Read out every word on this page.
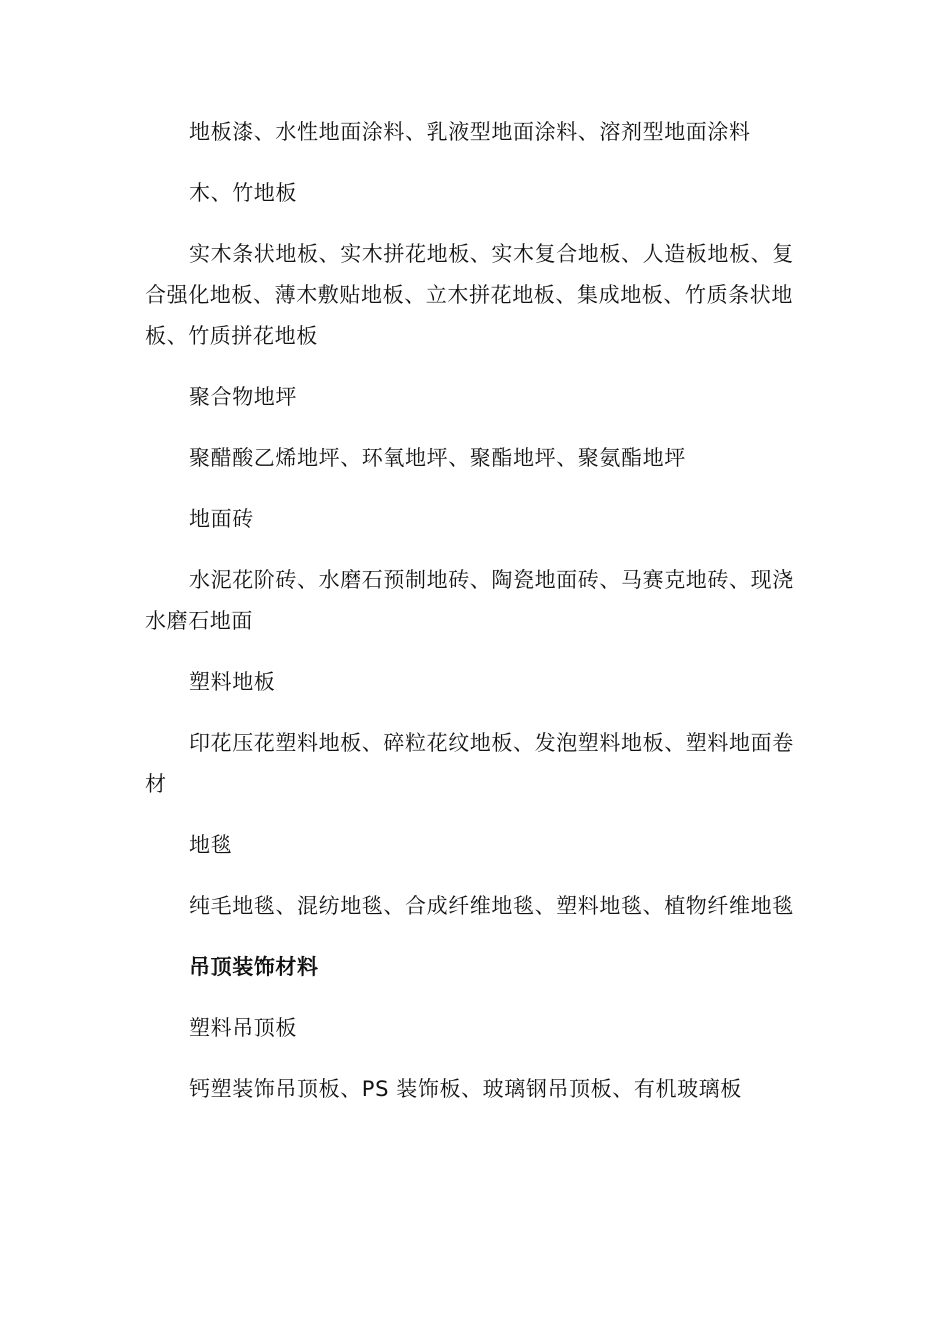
地板漆、水性地面涂料、乳液型地面涂料、溶剂型地面涂料

木、竹地板

实木条状地板、实木拼花地板、实木复合地板、人造板地板、复合强化地板、薄木敷贴地板、立木拼花地板、集成地板、竹质条状地板、竹质拼花地板

聚合物地坪

聚醋酸乙烯地坪、环氧地坪、聚酯地坪、聚氨酯地坪

地面砖

水泥花阶砖、水磨石预制地砖、陶瓷地面砖、马赛克地砖、现浇水磨石地面

塑料地板

印花压花塑料地板、碎粒花纹地板、发泡塑料地板、塑料地面卷材

地毯

纯毛地毯、混纺地毯、合成纤维地毯、塑料地毯、植物纤维地毯

吊顶装饰材料

塑料吊顶板

钙塑装饰吊顶板、PS 装饰板、玻璃钢吊顶板、有机玻璃板
